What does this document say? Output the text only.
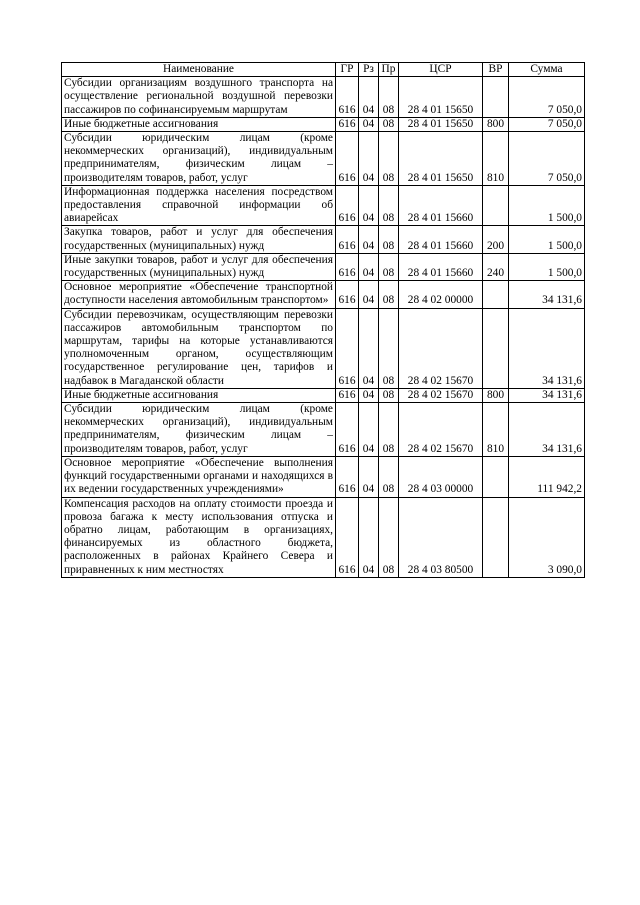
Наименование	ГР	Рз	Пр	ЦСР	ВР	Сумма
Субсидии организациям воздушного транспорта на осуществление региональной воздушной перевозки пассажиров по софинансируемым маршрутам	616	04	08	28 4 01 15650		7 050,0
Иные бюджетные ассигнования	616	04	08	28 4 01 15650	800	7 050,0
Субсидии юридическим лицам (кроме некоммерческих организаций), индивидуальным предпринимателям, физическим лицам – производителям товаров, работ, услуг	616	04	08	28 4 01 15650	810	7 050,0
Информационная поддержка населения посредством предоставления справочной информации об авиарейсах	616	04	08	28 4 01 15660		1 500,0
Закупка товаров, работ и услуг для обеспечения государственных (муниципальных) нужд	616	04	08	28 4 01 15660	200	1 500,0
Иные закупки товаров, работ и услуг для обеспечения государственных (муниципальных) нужд	616	04	08	28 4 01 15660	240	1 500,0
Основное мероприятие «Обеспечение транспортной доступности населения автомобильным транспортом»	616	04	08	28 4 02 00000		34 131,6
Субсидии перевозчикам, осуществляющим перевозки пассажиров автомобильным транспортом по маршрутам, тарифы на которые устанавливаются уполномоченным органом, осуществляющим государственное регулирование цен, тарифов и надбавок в Магаданской области	616	04	08	28 4 02 15670		34 131,6
Иные бюджетные ассигнования	616	04	08	28 4 02 15670	800	34 131,6
Субсидии юридическим лицам (кроме некоммерческих организаций), индивидуальным предпринимателям, физическим лицам – производителям товаров, работ, услуг	616	04	08	28 4 02 15670	810	34 131,6
Основное мероприятие «Обеспечение выполнения функций государственными органами и находящихся в их ведении государственных учреждениями»	616	04	08	28 4 03 00000		111 942,2
Компенсация расходов на оплату стоимости проезда и провоза багажа к месту использования отпуска и обратно лицам, работающим в организациях, финансируемых из областного бюджета, расположенных в районах Крайнего Севера и приравненных к ним местностях	616	04	08	28 4 03 80500		3 090,0
